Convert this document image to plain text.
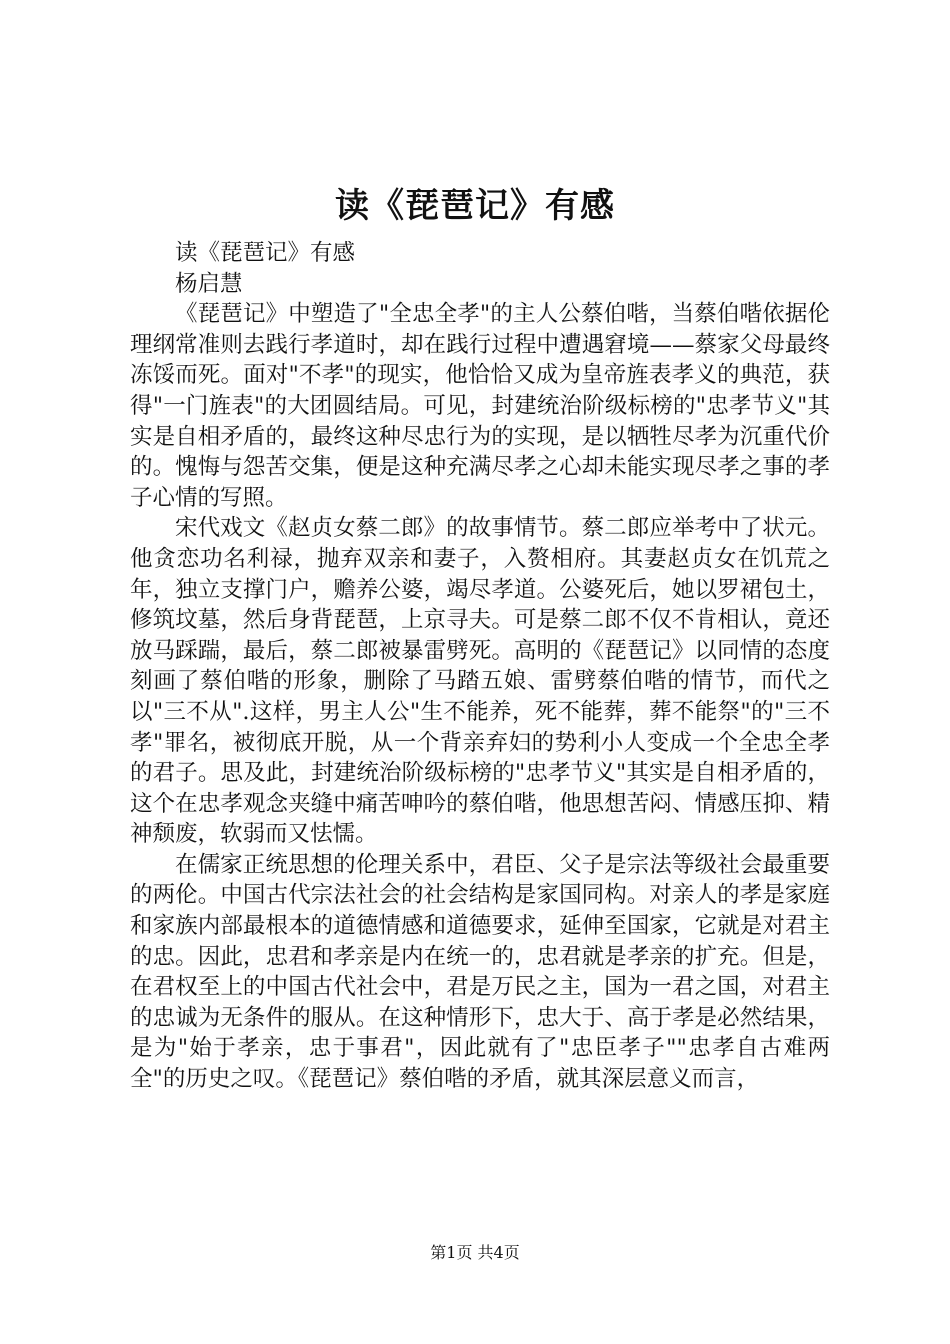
读《琵琶记》有感

读《琵琶记》有感

杨启慧

《琵琶记》中塑造了"全忠全孝"的主人公蔡伯喈，当蔡伯喈依据伦理纲常准则去践行孝道时，却在践行过程中遭遇窘境——蔡家父母最终冻馁而死。面对"不孝"的现实，他恰恰又成为皇帝旌表孝义的典范，获得"一门旌表"的大团圆结局。可见，封建统治阶级标榜的"忠孝节义"其实是自相矛盾的，最终这种尽忠行为的实现，是以牺牲尽孝为沉重代价的。愧悔与怨苦交集，便是这种充满尽孝之心却未能实现尽孝之事的孝子心情的写照。

宋代戏文《赵贞女蔡二郎》的故事情节。蔡二郎应举考中了状元。他贪恋功名利禄，抛弃双亲和妻子，入赘相府。其妻赵贞女在饥荒之年，独立支撑门户，赡养公婆，竭尽孝道。公婆死后，她以罗裙包土，修筑坟墓，然后身背琵琶，上京寻夫。可是蔡二郎不仅不肯相认，竟还放马踩踹，最后，蔡二郎被暴雷劈死。高明的《琵琶记》以同情的态度刻画了蔡伯喈的形象，删除了马踏五娘、雷劈蔡伯喈的情节，而代之以"三不从".这样，男主人公"生不能养，死不能葬，葬不能祭"的"三不孝"罪名，被彻底开脱，从一个背亲弃妇的势利小人变成一个全忠全孝的君子。思及此，封建统治阶级标榜的"忠孝节义"其实是自相矛盾的，这个在忠孝观念夹缝中痛苦呻吟的蔡伯喈，他思想苦闷、情感压抑、精神颓废，软弱而又怯懦。

在儒家正统思想的伦理关系中，君臣、父子是宗法等级社会最重要的两伦。中国古代宗法社会的社会结构是家国同构。对亲人的孝是家庭和家族内部最根本的道德情感和道德要求，延伸至国家，它就是对君主的忠。因此，忠君和孝亲是内在统一的，忠君就是孝亲的扩充。但是，在君权至上的中国古代社会中，君是万民之主，国为一君之国，对君主的忠诚为无条件的服从。在这种情形下，忠大于、高于孝是必然结果，是为"始于孝亲，忠于事君"，因此就有了"忠臣孝子""忠孝自古难两全"的历史之叹。《琵琶记》蔡伯喈的矛盾，就其深层意义而言，

第1页 共4页
